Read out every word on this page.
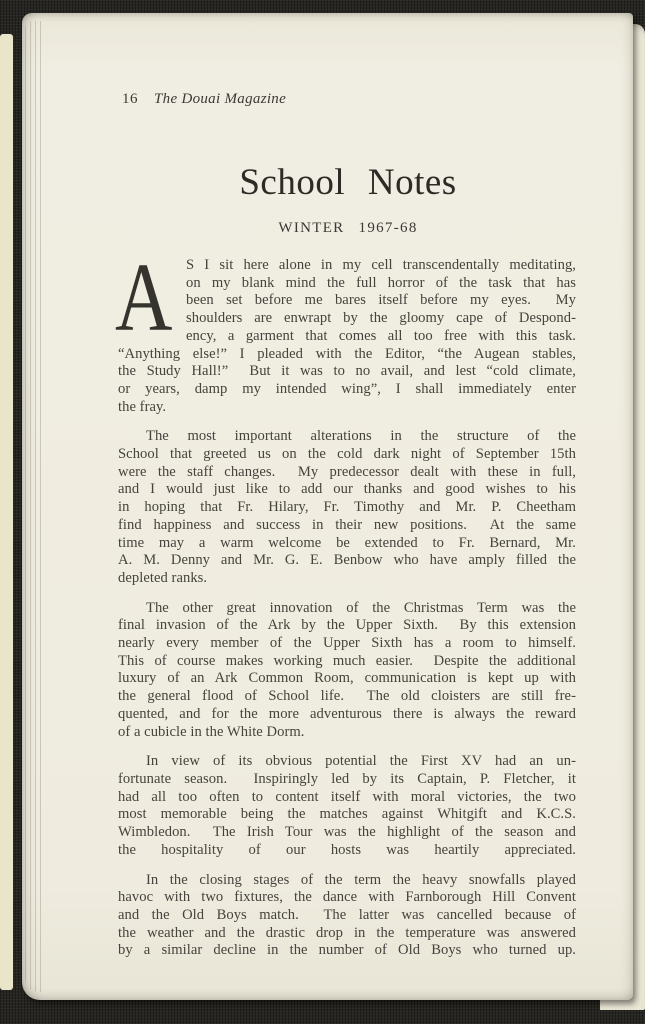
16 The Douai Magazine
School Notes
WINTER 1967-68
A S I sit here alone in my cell transcendentally meditating,
on my blank mind the full horror of the task that has
been set before me bares itself before my eyes.  My
shoulders are enwrapt by the gloomy cape of Despond-
ency, a garment that comes all too free with this task.
“Anything else!” I pleaded with the Editor, “the Augean stables,
the Study Hall!”  But it was to no avail, and lest “cold climate,
or years, damp my intended wing”, I shall immediately enter
the fray.
The most important alterations in the structure of the
School that greeted us on the cold dark night of September 15th
were the staff changes.  My predecessor dealt with these in full,
and I would just like to add our thanks and good wishes to his
in hoping that Fr. Hilary, Fr. Timothy and Mr. P. Cheetham
find happiness and success in their new positions.  At the same
time may a warm welcome be extended to Fr. Bernard, Mr.
A. M. Denny and Mr. G. E. Benbow who have amply filled the
depleted ranks.
The other great innovation of the Christmas Term was the
final invasion of the Ark by the Upper Sixth.  By this extension
nearly every member of the Upper Sixth has a room to himself.
This of course makes working much easier.  Despite the additional
luxury of an Ark Common Room, communication is kept up with
the general flood of School life.  The old cloisters are still fre-
quented, and for the more adventurous there is always the reward
of a cubicle in the White Dorm.
In view of its obvious potential the First XV had an un-
fortunate season.  Inspiringly led by its Captain, P. Fletcher, it
had all too often to content itself with moral victories, the two
most memorable being the matches against Whitgift and K.C.S.
Wimbledon.  The Irish Tour was the highlight of the season and
the hospitality of our hosts was heartily appreciated.
In the closing stages of the term the heavy snowfalls played
havoc with two fixtures, the dance with Farnborough Hill Convent
and the Old Boys match.  The latter was cancelled because of
the weather and the drastic drop in the temperature was answered
by a similar decline in the number of Old Boys who turned up.
